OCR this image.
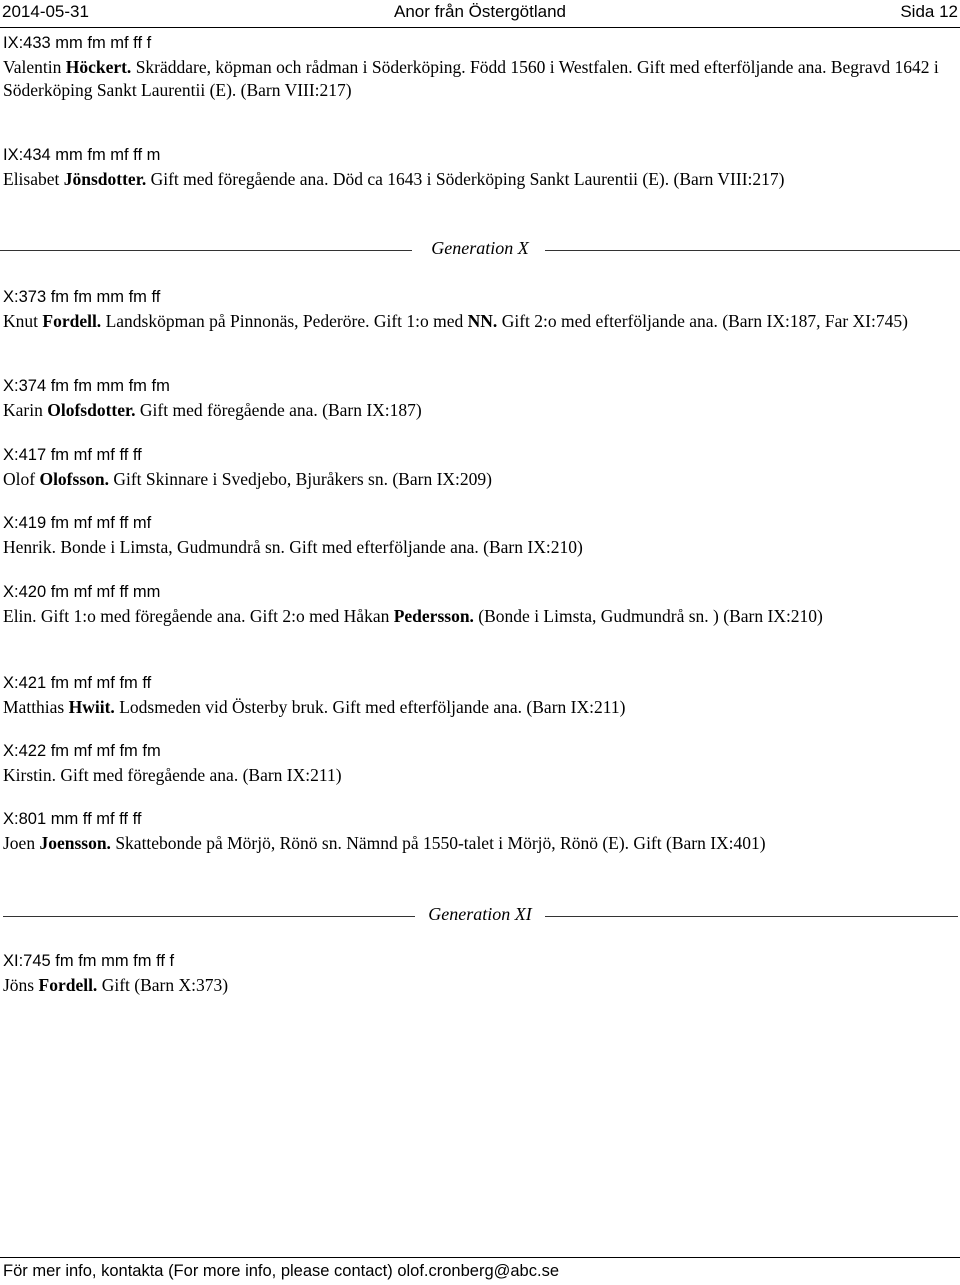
2014-05-31	Anor från Östergötland	Sida 12
IX:433 mm fm mf ff f
Valentin Höckert. Skräddare, köpman och rådman i Söderköping. Född 1560 i Westfalen. Gift med efterföljande ana. Begravd 1642 i Söderköping Sankt Laurentii (E). (Barn VIII:217)
IX:434 mm fm mf ff m
Elisabet Jönsdotter. Gift med föregående ana. Död ca 1643 i Söderköping Sankt Laurentii (E). (Barn VIII:217)
Generation X
X:373 fm fm mm fm ff
Knut Fordell. Landsköpman på Pinnonäs, Pederöre. Gift 1:o med NN. Gift 2:o med efterföljande ana. (Barn IX:187, Far XI:745)
X:374 fm fm mm fm fm
Karin Olofsdotter. Gift med föregående ana. (Barn IX:187)
X:417 fm mf mf ff ff
Olof Olofsson. Gift Skinnare i Svedjebo, Bjuråkers sn. (Barn IX:209)
X:419 fm mf mf ff mf
Henrik. Bonde i Limsta, Gudmundrå sn. Gift med efterföljande ana. (Barn IX:210)
X:420 fm mf mf ff mm
Elin. Gift 1:o med föregående ana. Gift 2:o med Håkan Pedersson. (Bonde i Limsta, Gudmundrå sn. ) (Barn IX:210)
X:421 fm mf mf fm ff
Matthias Hwiit. Lodsmeden vid Österby bruk. Gift med efterföljande ana. (Barn IX:211)
X:422 fm mf mf fm fm
Kirstin. Gift med föregående ana. (Barn IX:211)
X:801 mm ff mf ff ff
Joen Joensson. Skattebonde på Mörjö, Rönö sn. Nämnd på 1550-talet i Mörjö, Rönö (E). Gift (Barn IX:401)
Generation XI
XI:745 fm fm mm fm ff f
Jöns Fordell. Gift (Barn X:373)
För mer info, kontakta (For more info, please contact) olof.cronberg@abc.se
